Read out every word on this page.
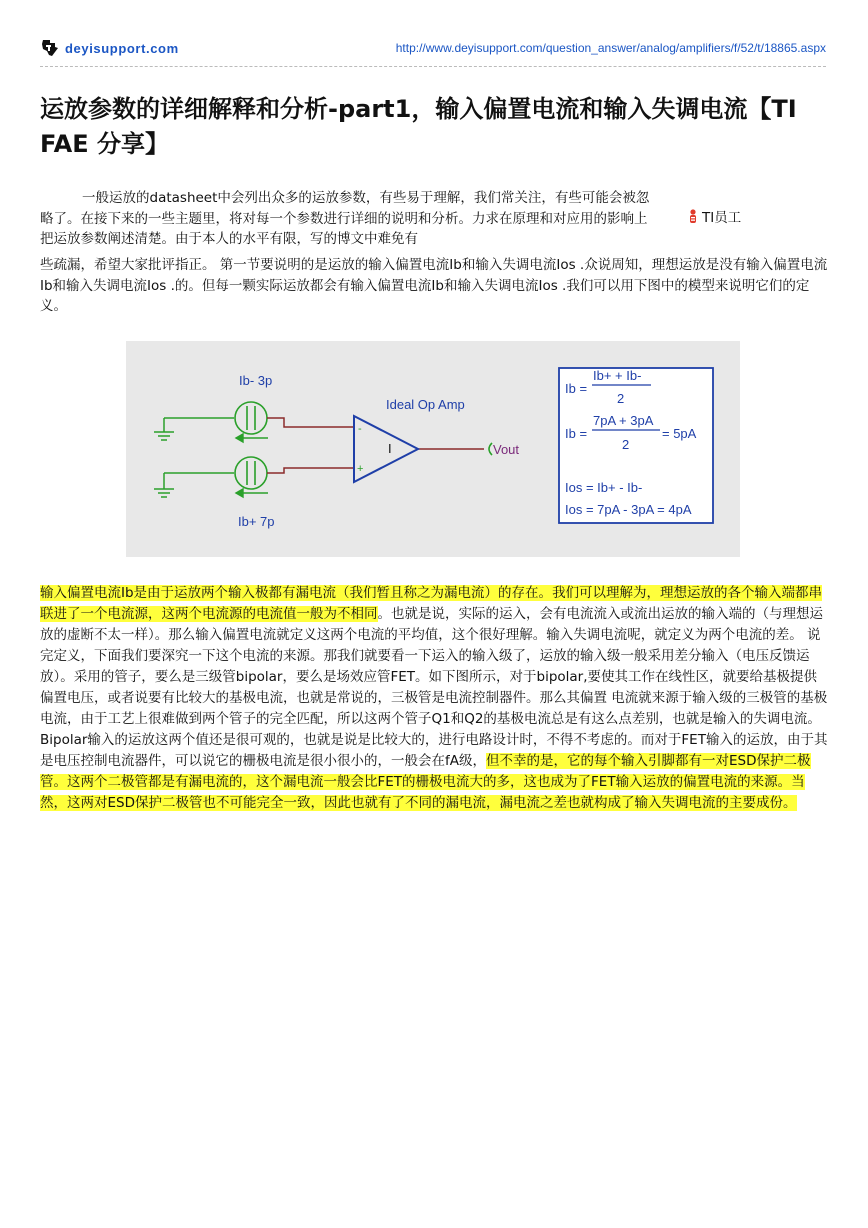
deyisupport.com	http://www.deyisupport.com/question_answer/analog/amplifiers/f/52/t/18865.aspx
运放参数的详细解释和分析-part1，输入偏置电流和输入失调电流【TI FAE 分享】

一般运放的datasheet中会列出众多的运放参数，有些易于理解，我们常关注，有些可能会被忽略了。在接下来的一些主题里，将对每一个参数进行详细的说明和分析。力求在原理和对应用的影响上把运放参数阐述清楚。由于本人的水平有限，写的博文中难免有

些疏漏，希望大家批评指正。 第一节要说明的是运放的输入偏置电流Ib和输入失调电流Ios .众说周知，理想运放是没有输入偏置电流Ib和输入失调电流Ios .的。但每一颗实际运放都会有输入偏置电流Ib和输入失调电流Ios .我们可以用下图中的模型来说明它们的定义。

TI员工
-
+
I	Vout
Ideal Op Amp
Ib- 3p
Ib+ 7p
Ib =
Ib+ + Ib-
2
Ib =
7pA + 3pA
2
= 5pA
Ios = Ib+ - Ib-
Ios = 7pA - 3pA = 4pA

输入偏置电流Ib是由于运放两个输入极都有漏电流（我们暂且称之为漏电流）的存在。我们可以理解为，理想运放的各个输入端都串联进了一个电流源，这两个电流源的电流值一般为不相同。也就是说，实际的运入，会有电流流入或流出运放的输入端的（与理想运放的虚断不太一样）。那么输入偏置电流就定义这两个电流的平均值，这个很好理解。输入失调电流呢，就定义为两个电流的差。 说完定义，下面我们要深究一下这个电流的来源。那我们就要看一下运入的输入级了，运放的输入级一般采用差分输入（电压反馈运放）。采用的管子，要么是三级管bipolar，要么是场效应管FET。如下图所示，对于bipolar,要使其工作在线性区，就要给基极提供偏置电压，或者说要有比较大的基极电流，也就是常说的，三极管是电流控制器件。那么其偏置 电流就来源于输入级的三极管的基极电流，由于工艺上很难做到两个管子的完全匹配，所以这两个管子Q1和Q2的基极电流总是有这么点差别，也就是输入的失调电流。Bipolar输入的运放这两个值还是很可观的，也就是说是比较大的，进行电路设计时，不得不考虑的。而对于FET输入的运放，由于其是电压控制电流器件，可以说它的栅极电流是很小很小的，一般会在fA级，但不幸的是，它的每个输入引脚都有一对ESD保护二极管。这两个二极管都是有漏电流的，这个漏电流一般会比FET的栅极电流大的多，这也成为了FET输入运放的偏置电流的来源。当然，这两对ESD保护二极管也不可能完全一致，因此也就有了不同的漏电流，漏电流之差也就构成了输入失调电流的主要成份。
